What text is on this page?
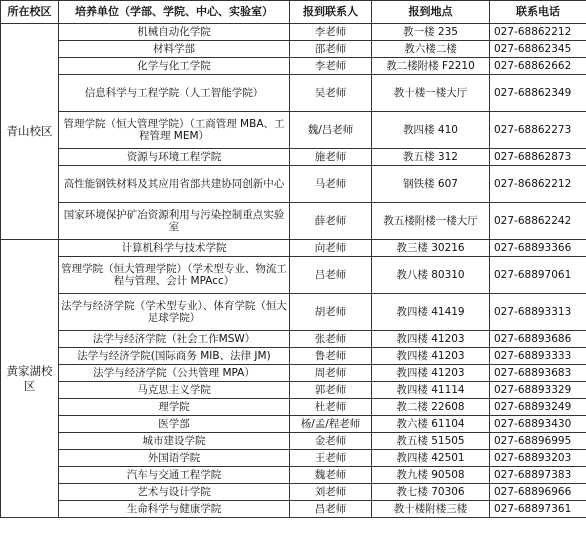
所在校区	培养单位（学部、学院、中心、实验室）	报到联系人	报到地点	联系电话
青山校区	机械自动化学院	李老师	教一楼 235	027-68862212
	材料学部	邵老师	教六楼二楼	027-68862345
	化学与化工学院	李老师	教二楼附楼 F2210	027-68862662
	信息科学与工程学院（人工智能学院）	吴老师	教十楼一楼大厅	027-68862349
	管理学院（恒大管理学院）（工商管理 MBA、工程管理 MEM）	魏/吕老师	教四楼 410	027-68862273
	资源与环境工程学院	施老师	教五楼 312	027-68862873
	高性能钢铁材料及其应用省部共建协同创新中心	马老师	钢铁楼 607	027-86862212
	国家环境保护矿冶资源利用与污染控制重点实验室	薛老师	教五楼附楼一楼大厅	027-68862242
黄家湖校区	计算机科学与技术学院	向老师	教三楼 30216	027-68893366
	管理学院（恒大管理学院）（学术型专业、物流工程与管理、会计 MPAcc）	吕老师	教八楼 80310	027-68897061
	法学与经济学院（学术型专业）、体育学院（恒大足球学院）	胡老师	教四楼 41419	027-68893313
	法学与经济学院（社会工作MSW）	张老师	教四楼 41203	027-68893686
	法学与经济学院(国际商务 MIB、法律 JM)	鲁老师	教四楼 41203	027-68893333
	法学与经济学院（公共管理 MPA）	周老师	教四楼 41203	027-68893683
	马克思主义学院	郭老师	教四楼 41114	027-68893329
	理学院	杜老师	教二楼 22608	027-68893249
	医学部	杨/孟/程老师	教六楼 61104	027-68893430
	城市建设学院	金老师	教五楼 51505	027-68896995
	外国语学院	王老师	教四楼 42501	027-68893203
	汽车与交通工程学院	魏老师	教九楼 90508	027-68897383
	艺术与设计学院	刘老师	教七楼 70306	027-68896966
	生命科学与健康学院	昌老师	教十楼附楼三楼	027-68897361
